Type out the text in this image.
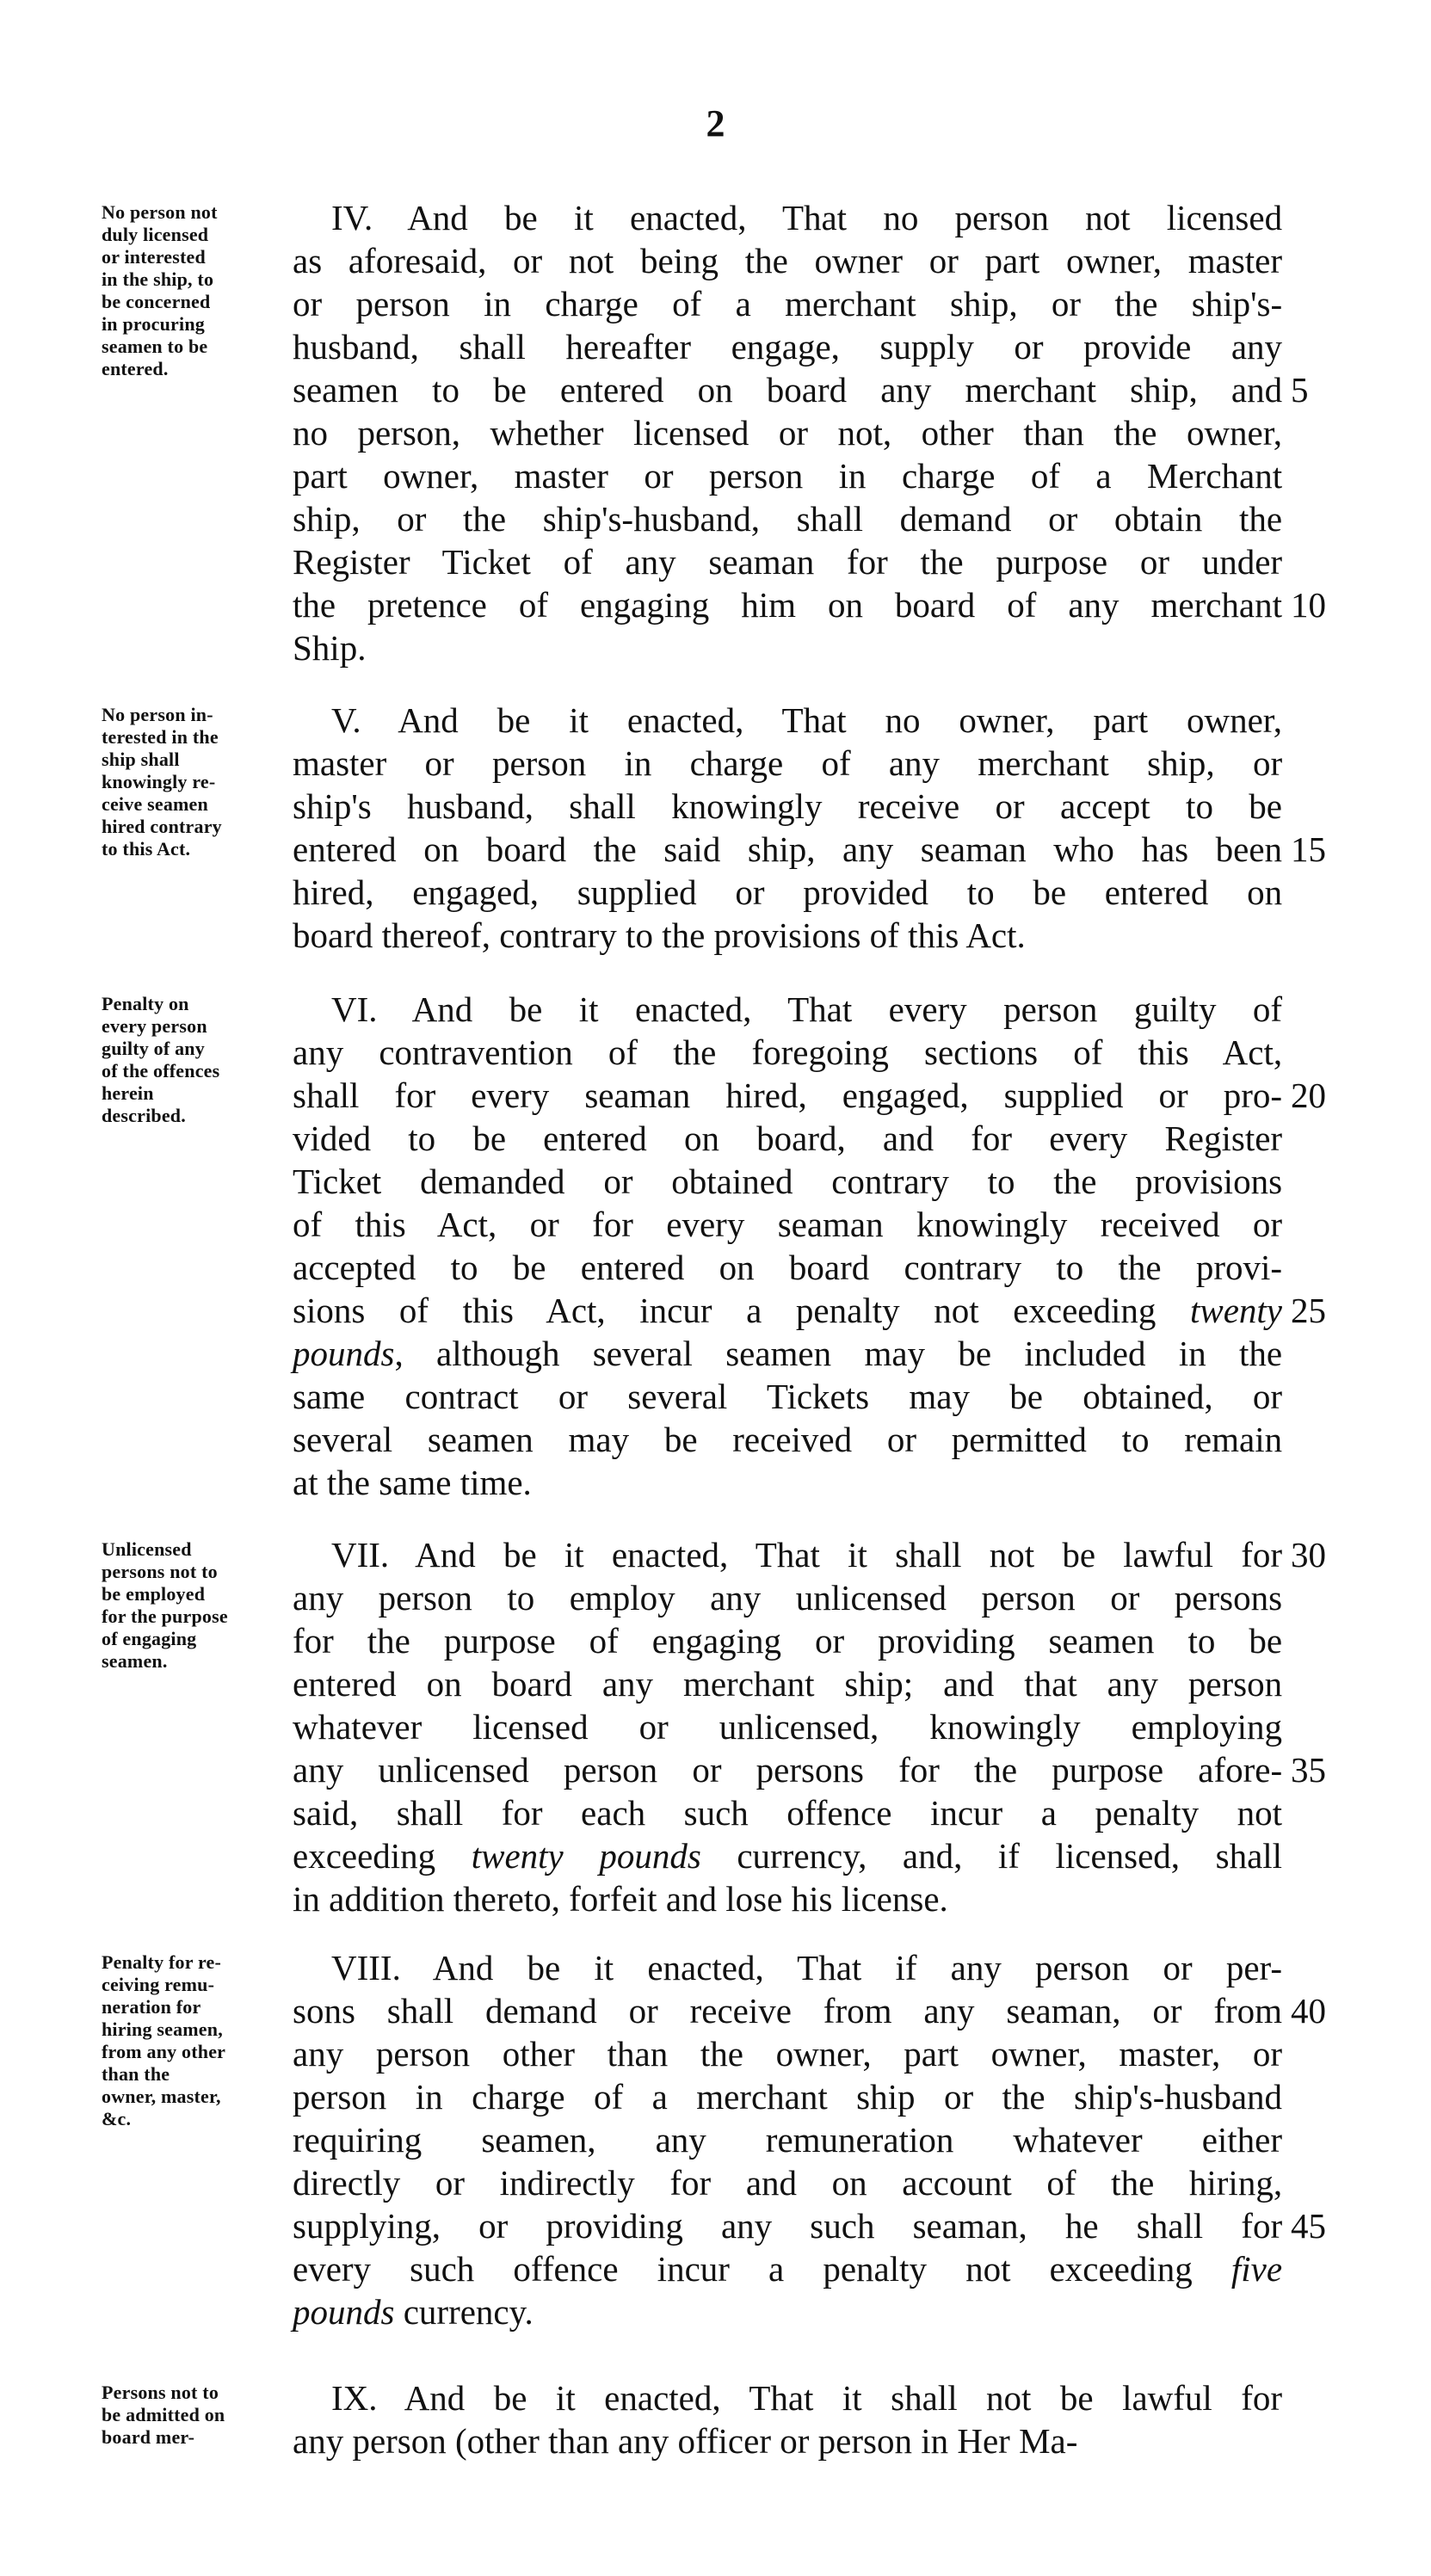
2
No person not
duly licensed
or interested
in the ship, to
be concerned
in procuring
seamen to be
entered.
IV. And be it enacted, That no person not licensed
as aforesaid, or not being the owner or part owner, master
or person in charge of a merchant ship, or the ship's-
husband, shall hereafter engage, supply or provide any
seamen to be entered on board any merchant ship, and
no person, whether licensed or not, other than the owner,
part owner, master or person in charge of a Merchant
ship, or the ship's-husband, shall demand or obtain the
Register Ticket of any seaman for the purpose or under
the pretence of engaging him on board of any merchant
Ship.
5
10
No person in-
terested in the
ship shall
knowingly re-
ceive seamen
hired contrary
to this Act.
V. And be it enacted, That no owner, part owner,
master or person in charge of any merchant ship, or
ship's husband, shall knowingly receive or accept to be
entered on board the said ship, any seaman who has been
hired, engaged, supplied or provided to be entered on
board thereof, contrary to the provisions of this Act.
15
Penalty on
every person
guilty of any
of the offences
herein
described.
VI. And be it enacted, That every person guilty of
any contravention of the foregoing sections of this Act,
shall for every seaman hired, engaged, supplied or pro-
vided to be entered on board, and for every Register
Ticket demanded or obtained contrary to the provisions
of this Act, or for every seaman knowingly received or
accepted to be entered on board contrary to the provi-
sions of this Act, incur a penalty not exceeding twenty
pounds, although several seamen may be included in the
same contract or several Tickets may be obtained, or
several seamen may be received or permitted to remain
at the same time.
20
25
Unlicensed
persons not to
be employed
for the purpose
of engaging
seamen.
VII. And be it enacted, That it shall not be lawful for
any person to employ any unlicensed person or persons
for the purpose of engaging or providing seamen to be
entered on board any merchant ship; and that any person
whatever licensed or unlicensed, knowingly employing
any unlicensed person or persons for the purpose afore-
said, shall for each such offence incur a penalty not
exceeding twenty pounds currency, and, if licensed, shall
in addition thereto, forfeit and lose his license.
30
35
Penalty for re-
ceiving remu-
neration for
hiring seamen,
from any other
than the
owner, master,
&c.
VIII. And be it enacted, That if any person or per-
sons shall demand or receive from any seaman, or from
any person other than the owner, part owner, master, or
person in charge of a merchant ship or the ship's-husband
requiring seamen, any remuneration whatever either
directly or indirectly for and on account of the hiring,
supplying, or providing any such seaman, he shall for
every such offence incur a penalty not exceeding five
pounds currency.
40
45
Persons not to
be admitted on
board mer-
IX. And be it enacted, That it shall not be lawful for
any person (other than any officer or person in Her Ma-
